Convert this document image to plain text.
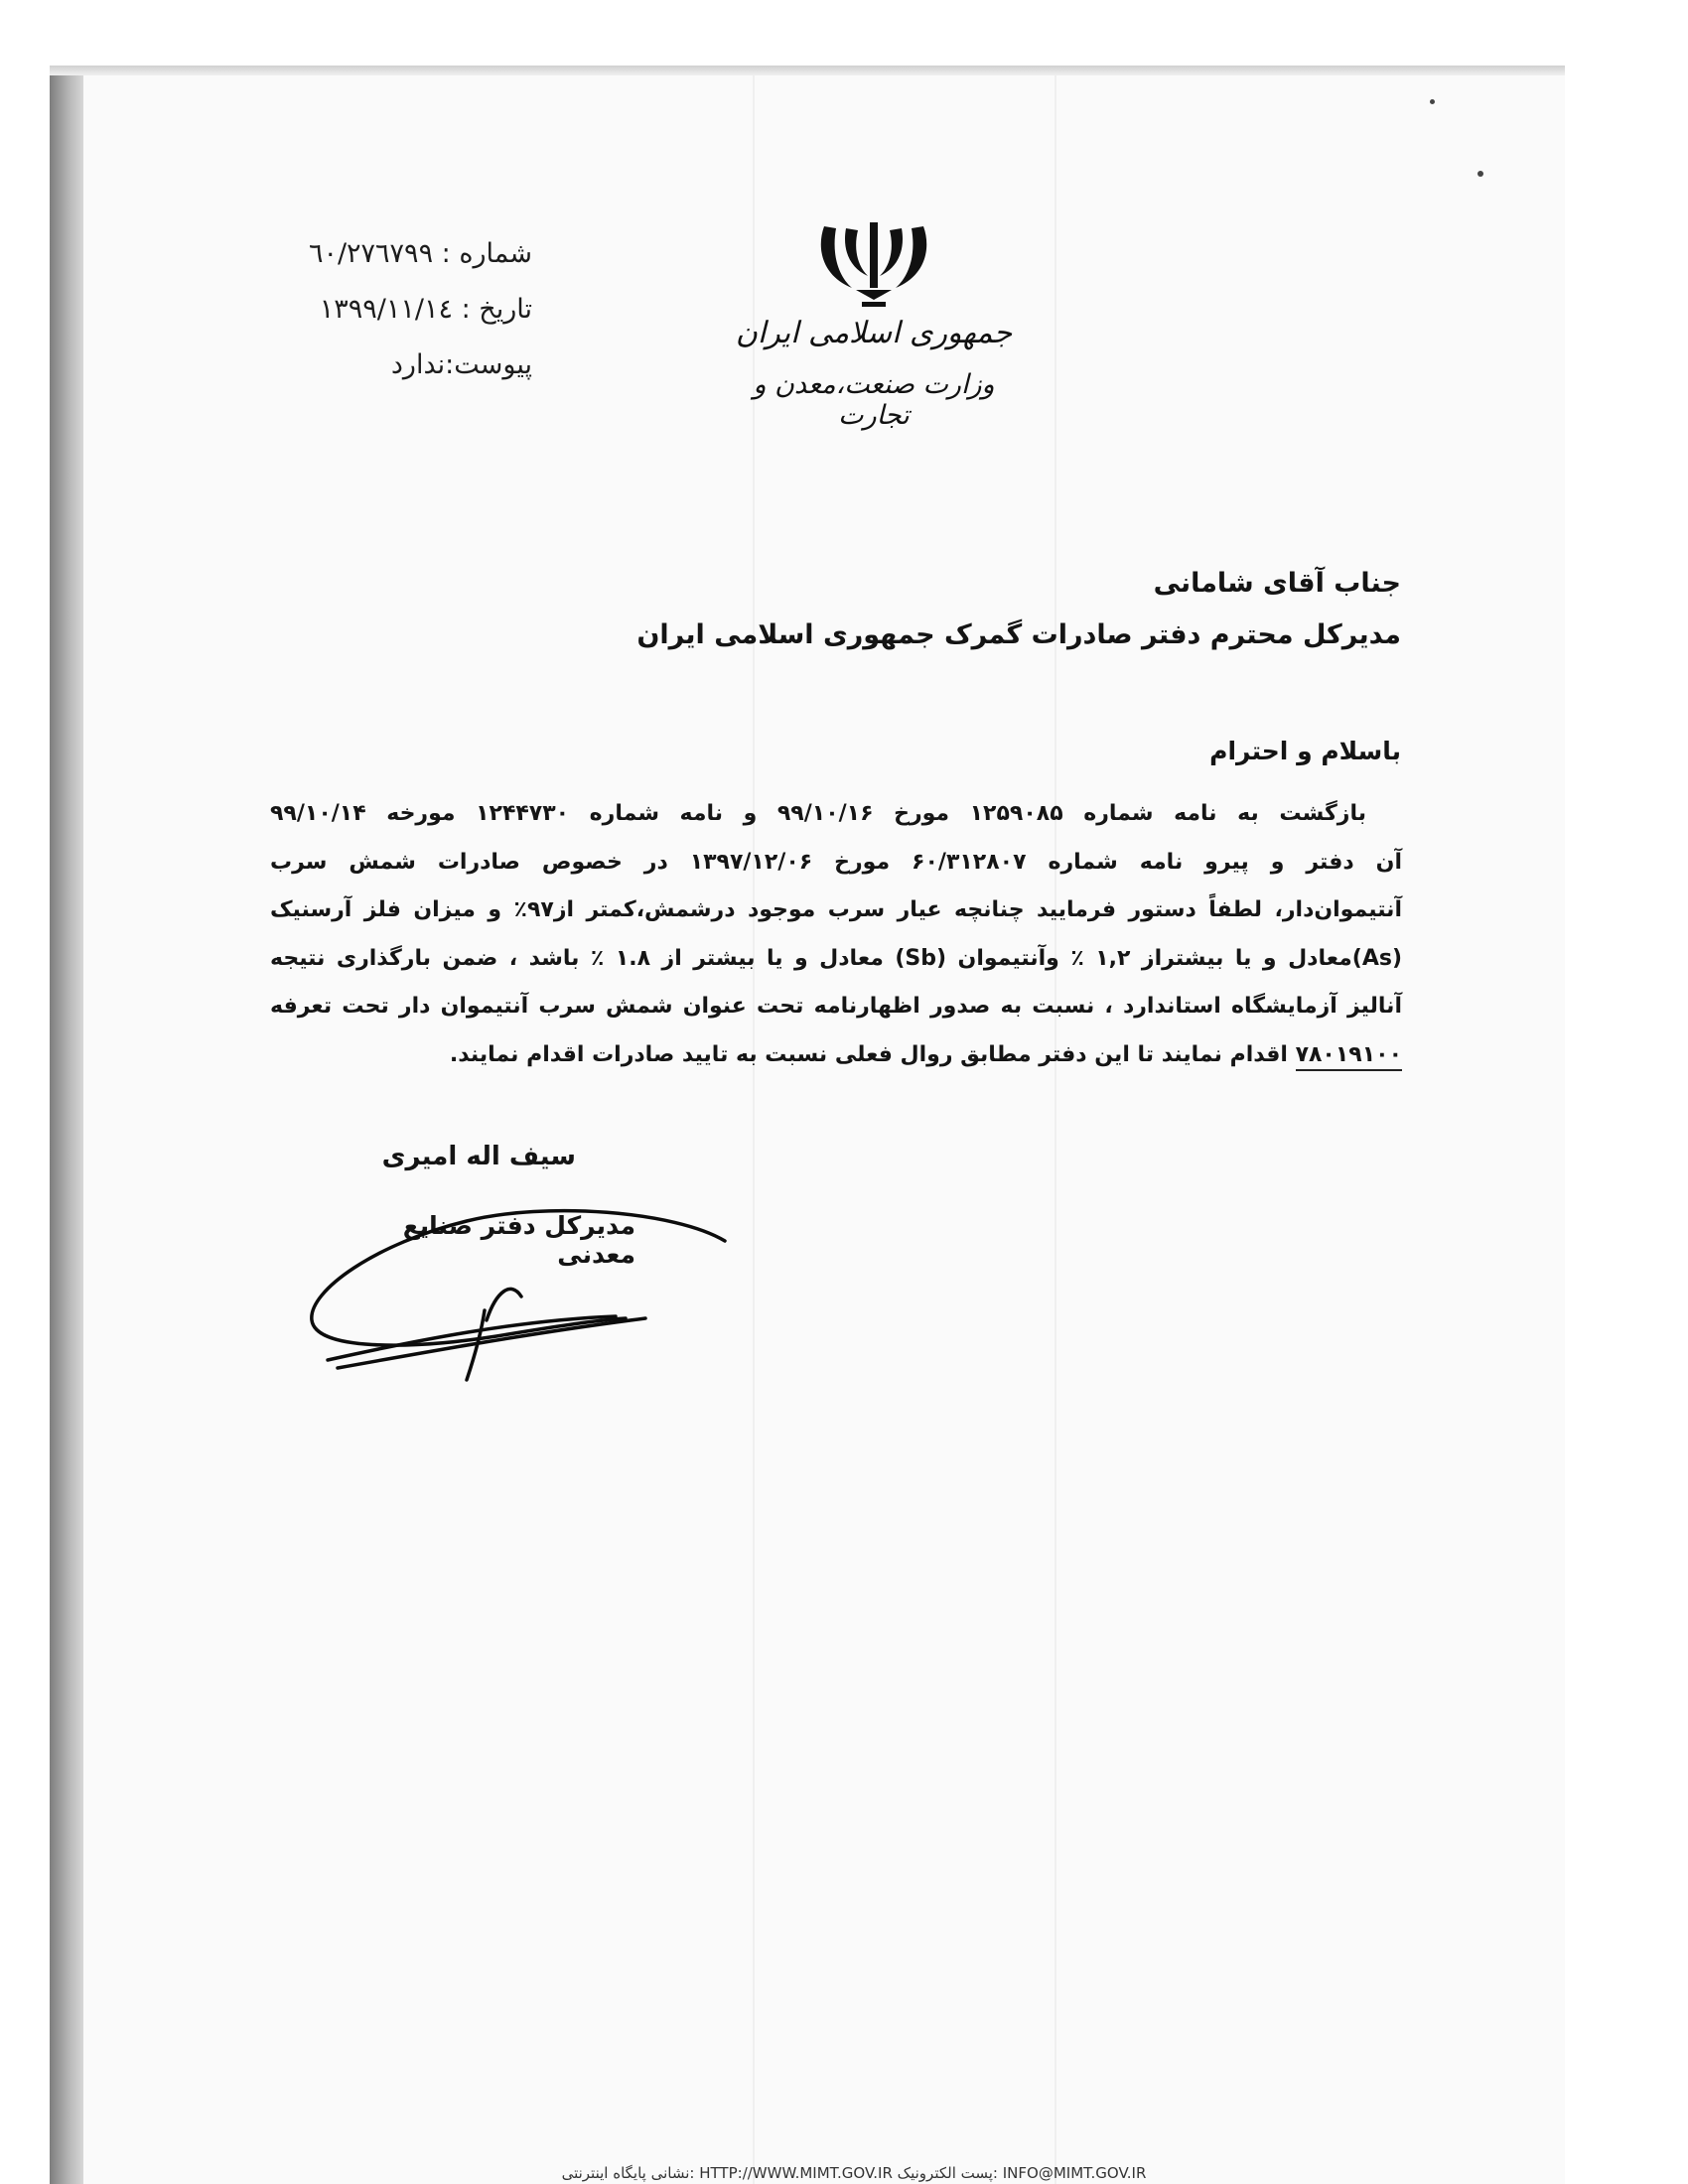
شماره : ٦٠/٢٧٦٧٩٩
تاریخ : ١٣٩٩/١١/١٤
پیوست:ندارد
جمهوری اسلامی ایران
وزارت صنعت،معدن و تجارت
جناب آقای شامانی
مدیرکل محترم دفتر صادرات گمرک جمهوری اسلامی ایران
باسلام و احترام
بازگشت به نامه شماره ۱۲۵۹۰۸۵ مورخ ۹۹/۱۰/۱۶ و نامه شماره ۱۲۴۴۷۳۰ مورخه ۹۹/۱۰/۱۴
آن دفتر و پیرو نامه شماره ۶۰/۳۱۲۸۰۷ مورخ ۱۳۹۷/۱۲/۰۶ در خصوص صادرات شمش سرب
آنتیموان‌دار، لطفاً دستور فرمایید چنانچه عیار سرب موجود درشمش،کمتر از۹۷٪ و میزان فلز آرسنیک
(As)معادل و یا بیشتراز ۱,۲ ٪ وآنتیموان (Sb) معادل و یا بیشتر از ۱.۸ ٪ باشد ، ضمن بارگذاری نتیجه
آنالیز آزمایشگاه استاندارد ، نسبت به صدور اظهارنامه تحت عنوان شمش سرب آنتیموان دار تحت تعرفه
۷۸۰۱۹۱۰۰ اقدام نمایند تا این دفتر مطابق روال فعلی نسبت به تایید صادرات اقدام نمایند.
سیف اله امیری
مدیرکل دفتر صنایع معدنی
INFO@MIMT.GOV.IR :پست الکترونیک HTTP://WWW.MIMT.GOV.IR :نشانی پایگاه اینترنتی
